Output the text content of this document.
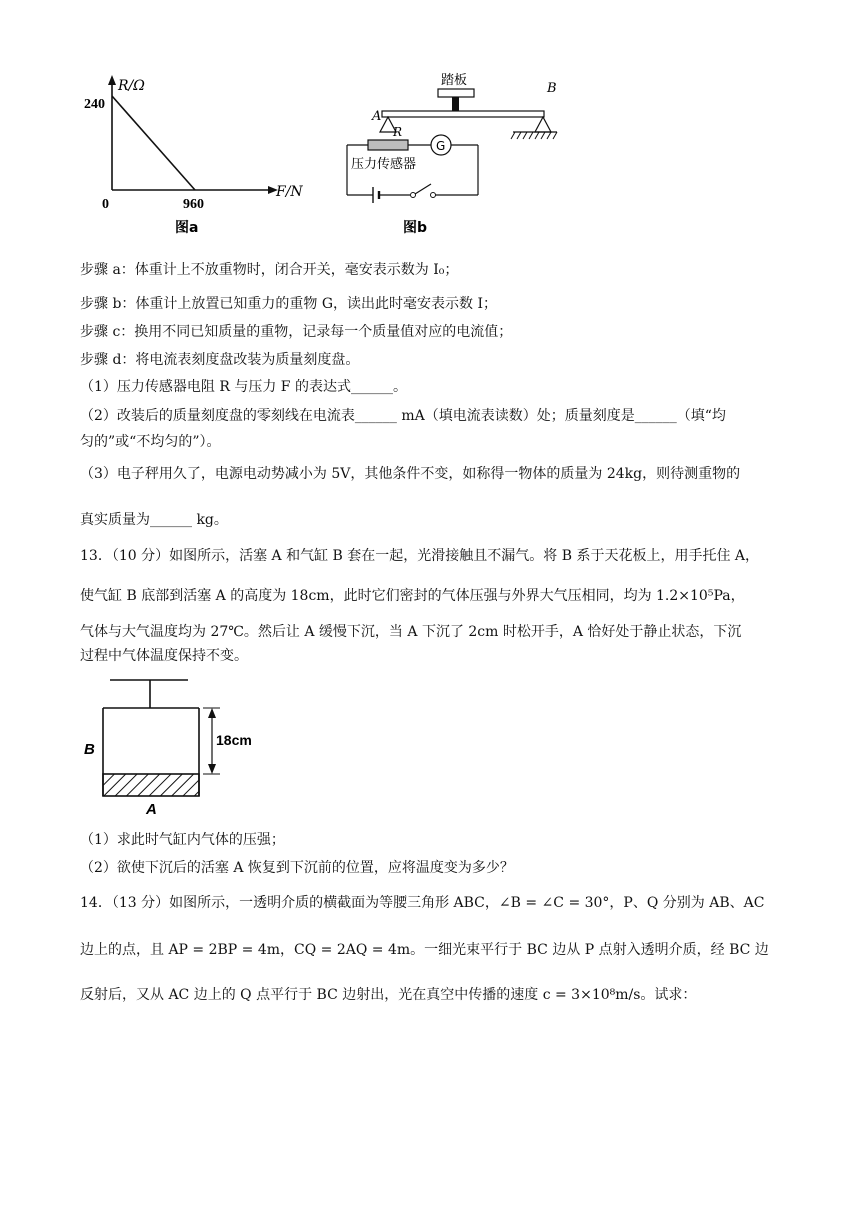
R/Ω
240
0	960
F/N
图a
踏板
A
B
R
G
压力传感器
图b
步骤 a：体重计上不放重物时，闭合开关，毫安表示数为 I₀；
步骤 b：体重计上放置已知重力的重物 G，读出此时毫安表示数 I；
步骤 c：换用不同已知质量的重物，记录每一个质量值对应的电流值；
步骤 d：将电流表刻度盘改装为质量刻度盘。
（1）压力传感器电阻 R 与压力 F 的表达式______。
（2）改装后的质量刻度盘的零刻线在电流表______ mA（填电流表读数）处；质量刻度是______（填“均
匀的”或“不均匀的”）。
（3）电子秤用久了，电源电动势减小为 5V，其他条件不变，如称得一物体的质量为 24kg，则待测重物的
真实质量为______ kg。
13．（10 分）如图所示，活塞 A 和气缸 B 套在一起，光滑接触且不漏气。将 B 系于天花板上，用手托住 A，
使气缸 B 底部到活塞 A 的高度为 18cm，此时它们密封的气体压强与外界大气压相同，均为 1.2×10⁵Pa，
气体与大气温度均为 27℃。然后让 A 缓慢下沉，当 A 下沉了 2cm 时松开手，A 恰好处于静止状态，下沉
过程中气体温度保持不变。
18cm
B
A
（1）求此时气缸内气体的压强；
（2）欲使下沉后的活塞 A 恢复到下沉前的位置，应将温度变为多少？
14．（13 分）如图所示，一透明介质的横截面为等腰三角形 ABC，∠B = ∠C = 30°，P、Q 分别为 AB、AC
边上的点，且 AP = 2BP = 4m，CQ = 2AQ = 4m。一细光束平行于 BC 边从 P 点射入透明介质，经 BC 边
反射后，又从 AC 边上的 Q 点平行于 BC 边射出，光在真空中传播的速度 c = 3×10⁸m/s。试求：
